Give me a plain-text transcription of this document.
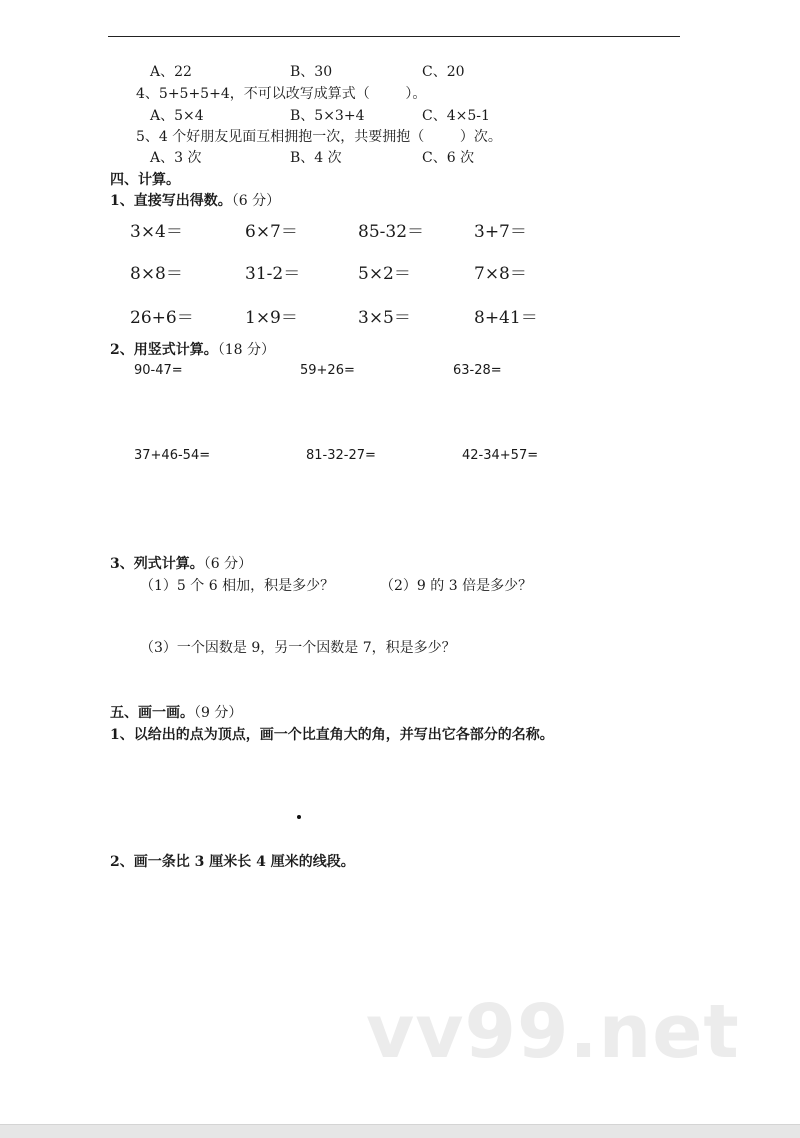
A、22	B、30	C、20
4、5+5+5+4，不可以改写成算式（        ）。
A、5×4	B、5×3+4	C、4×5-1
5、4 个好朋友见面互相拥抱一次，共要拥抱（        ）次。
A、3 次	B、4 次	C、6 次
四、计算。
1、直接写出得数。（6 分）
3×4＝	6×7＝	85-32＝	3+7＝
8×8＝	31-2＝	5×2＝	7×8＝
26+6＝	1×9＝	3×5＝	8+41＝
2、用竖式计算。（18 分）
90-47=	59+26=	63-28=
37+46-54=	81-32-27=	42-34+57=
3、列式计算。（6 分）
（1）5 个 6 相加，积是多少？	（2）9 的 3 倍是多少？
（3）一个因数是 9，另一个因数是 7，积是多少？
五、画一画。（9 分）
1、以给出的点为顶点，画一个比直角大的角，并写出它各部分的名称。
2、画一条比 3 厘米长 4 厘米的线段。
vv99.net
